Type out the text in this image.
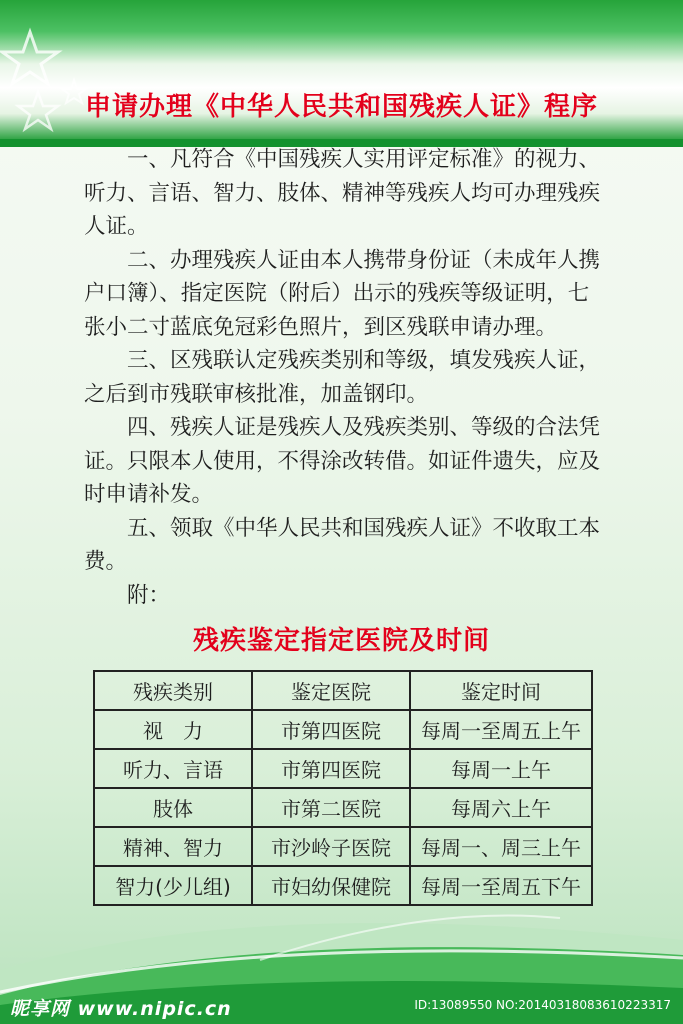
申请办理《中华人民共和国残疾人证》程序

一、凡符合《中国残疾人实用评定标准》的视力、听力、言语、智力、肢体、精神等残疾人均可办理残疾人证。

二、办理残疾人证由本人携带身份证（未成年人携户口簿）、指定医院（附后）出示的残疾等级证明，七张小二寸蓝底免冠彩色照片，到区残联申请办理。

三、区残联认定残疾类别和等级，填发残疾人证，之后到市残联审核批准，加盖钢印。

四、残疾人证是残疾人及残疾类别、等级的合法凭证。只限本人使用，不得涂改转借。如证件遗失，应及时申请补发。

五、领取《中华人民共和国残疾人证》不收取工本费。

附：

残疾鉴定指定医院及时间
残疾类别	鉴定医院	鉴定时间
视　力	市第四医院	每周一至周五上午
听力、言语	市第四医院	每周一上午
肢体	市第二医院	每周六上午
精神、智力	市沙岭子医院	每周一、周三上午
智力(少儿组)	市妇幼保健院	每周一至周五下午
昵享网 www.nipic.cn	ID:13089550 NO:20140318083610223317
